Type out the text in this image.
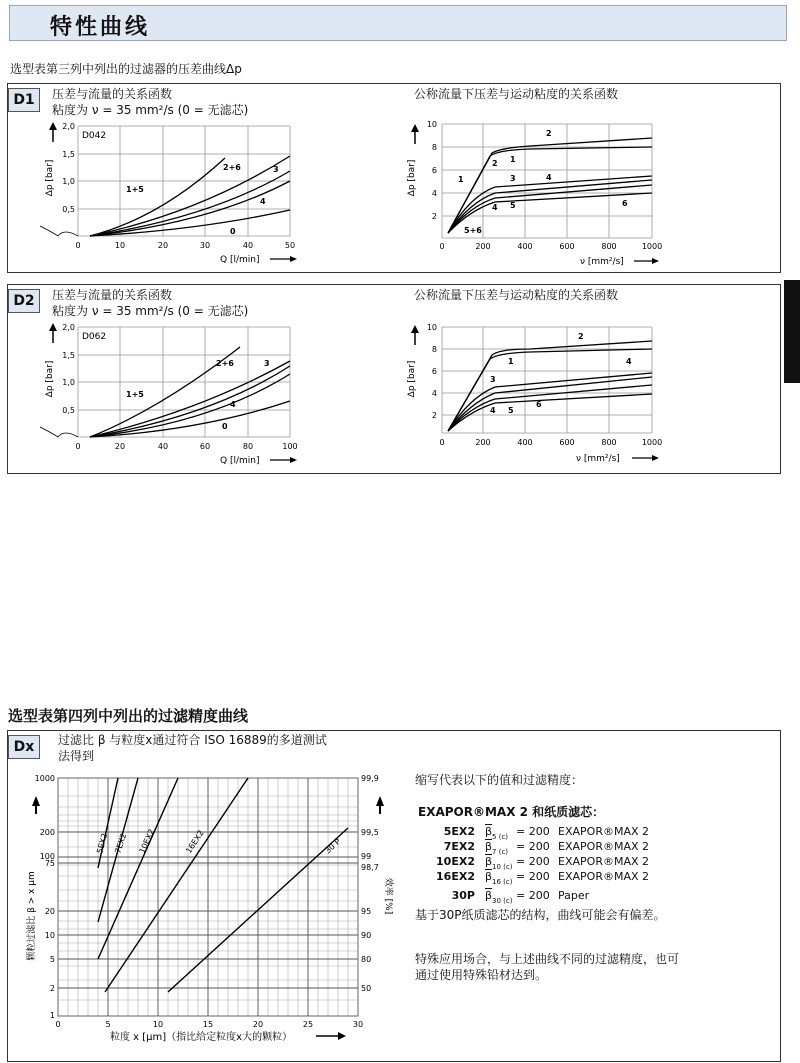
特性曲线
选型表第三列中列出的过滤器的压差曲线Δp
D1	压差与流量的关系函数
粘度为 ν = 35 mm²/s (0 = 无滤芯)
公称流量下压差与运动粘度的关系函数
Δp [bar]
2,0
1,5
1,0
0,5
0	10	20	30	40	50
Q [l/min]
D042
1+5
2+6	3
4
0
Δp [bar]
10
8
6
4
2
0	200	400	600	800	1000
ν [mm²/s]
2
1
2
1	3	4
6
4 5
5+6
D2	压差与流量的关系函数
粘度为 ν = 35 mm²/s (0 = 无滤芯)
公称流量下压差与运动粘度的关系函数
Δp [bar]
2,0
1,5
1,0
0,5
0	20	40	60	80	100
Q [l/min]
D062
1+5
2+6	3
4
0
Δp [bar]
10
8
6
4
2
0	200	400	600	800	1000
ν [mm²/s]
2
1	4
3
4 5
6
选型表第四列中列出的过滤精度曲线
Dx	过滤比 β 与粒度x通过符合 ISO 16889的多道测试
法得到
颗粒过滤比 β > x μm	效率 [%]
1
2
5
10
20
75
100
200
1000
50
80
90
95
98,7
99
99,5
99,9
0	5	10	15	20	25	30
粒度 x [μm]（指比给定粒度x大的颗粒）
5EX2 7EX2 10EX2	16EX2	30 P
缩写代表以下的值和过滤精度：
EXAPOR®MAX 2 和纸质滤芯：
5EX2 $\overline{\beta}$ 5 (c) = 200 EXAPOR®MAX 2
7EX2 $\overline{\beta}$ 7 (c) = 200 EXAPOR®MAX 2
10EX2 $\overline{\beta}$ 10 (c) = 200 EXAPOR®MAX 2
16EX2 $\overline{\beta}$ 16 (c) = 200 EXAPOR®MAX 2
30P $\overline{\beta}$ 30 (c) = 200 Paper
基于30P纸质滤芯的结构，曲线可能会有偏差。
特殊应用场合，与上述曲线不同的过滤精度，也可
通过使用特殊铅材达到。
